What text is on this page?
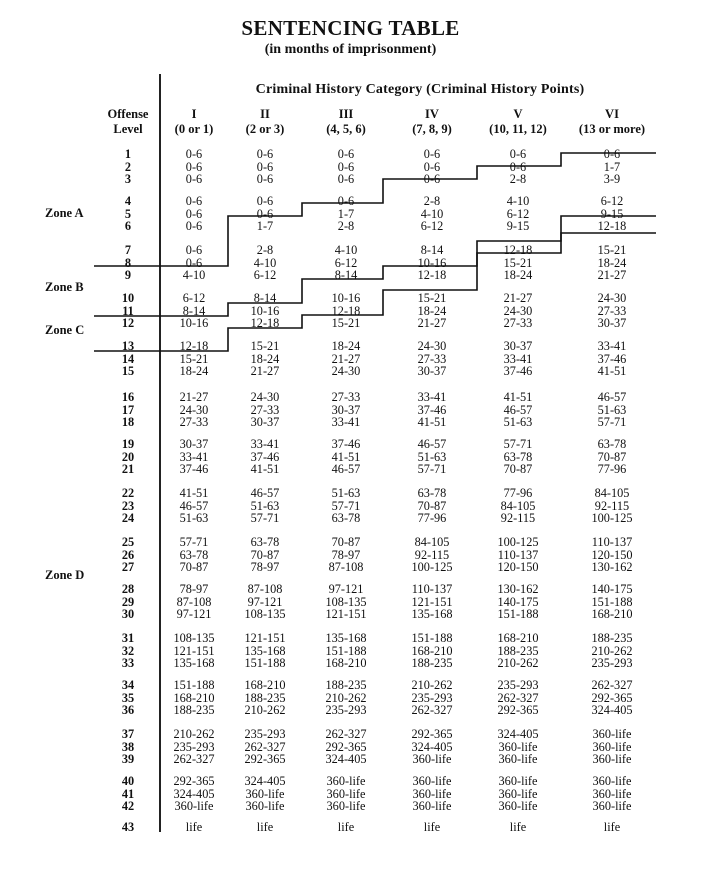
SENTENCING TABLE
(in months of imprisonment)
Criminal History Category (Criminal History Points)
Offense
Level
I
(0 or 1)
II
(2 or 3)
III
(4, 5, 6)
IV
(7, 8, 9)
V
(10, 11, 12)
VI
(13 or more)
1	0-6	0-6	0-6	0-6	0-6	0-6
2	0-6	0-6	0-6	0-6	0-6	1-7
3	0-6	0-6	0-6	0-6	2-8	3-9
4	0-6	0-6	0-6	2-8	4-10	6-12
5	0-6	0-6	1-7	4-10	6-12	9-15
6	0-6	1-7	2-8	6-12	9-15	12-18
7	0-6	2-8	4-10	8-14	12-18	15-21
8	0-6	4-10	6-12	10-16	15-21	18-24
9	4-10	6-12	8-14	12-18	18-24	21-27
10	6-12	8-14	10-16	15-21	21-27	24-30
11	8-14	10-16	12-18	18-24	24-30	27-33
12	10-16	12-18	15-21	21-27	27-33	30-37
13	12-18	15-21	18-24	24-30	30-37	33-41
14	15-21	18-24	21-27	27-33	33-41	37-46
15	18-24	21-27	24-30	30-37	37-46	41-51
16	21-27	24-30	27-33	33-41	41-51	46-57
17	24-30	27-33	30-37	37-46	46-57	51-63
18	27-33	30-37	33-41	41-51	51-63	57-71
19	30-37	33-41	37-46	46-57	57-71	63-78
20	33-41	37-46	41-51	51-63	63-78	70-87
21	37-46	41-51	46-57	57-71	70-87	77-96
22	41-51	46-57	51-63	63-78	77-96	84-105
23	46-57	51-63	57-71	70-87	84-105	92-115
24	51-63	57-71	63-78	77-96	92-115	100-125
25	57-71	63-78	70-87	84-105	100-125	110-137
26	63-78	70-87	78-97	92-115	110-137	120-150
27	70-87	78-97	87-108	100-125	120-150	130-162
28	78-97	87-108	97-121	110-137	130-162	140-175
29	87-108	97-121	108-135	121-151	140-175	151-188
30	97-121	108-135	121-151	135-168	151-188	168-210
31	108-135	121-151	135-168	151-188	168-210	188-235
32	121-151	135-168	151-188	168-210	188-235	210-262
33	135-168	151-188	168-210	188-235	210-262	235-293
34	151-188	168-210	188-235	210-262	235-293	262-327
35	168-210	188-235	210-262	235-293	262-327	292-365
36	188-235	210-262	235-293	262-327	292-365	324-405
37	210-262	235-293	262-327	292-365	324-405	360-life
38	235-293	262-327	292-365	324-405	360-life	360-life
39	262-327	292-365	324-405	360-life	360-life	360-life
40	292-365	324-405	360-life	360-life	360-life	360-life
41	324-405	360-life	360-life	360-life	360-life	360-life
42	360-life	360-life	360-life	360-life	360-life	360-life
43	life	life	life	life	life	life
Zone A
Zone B
Zone C
Zone D
